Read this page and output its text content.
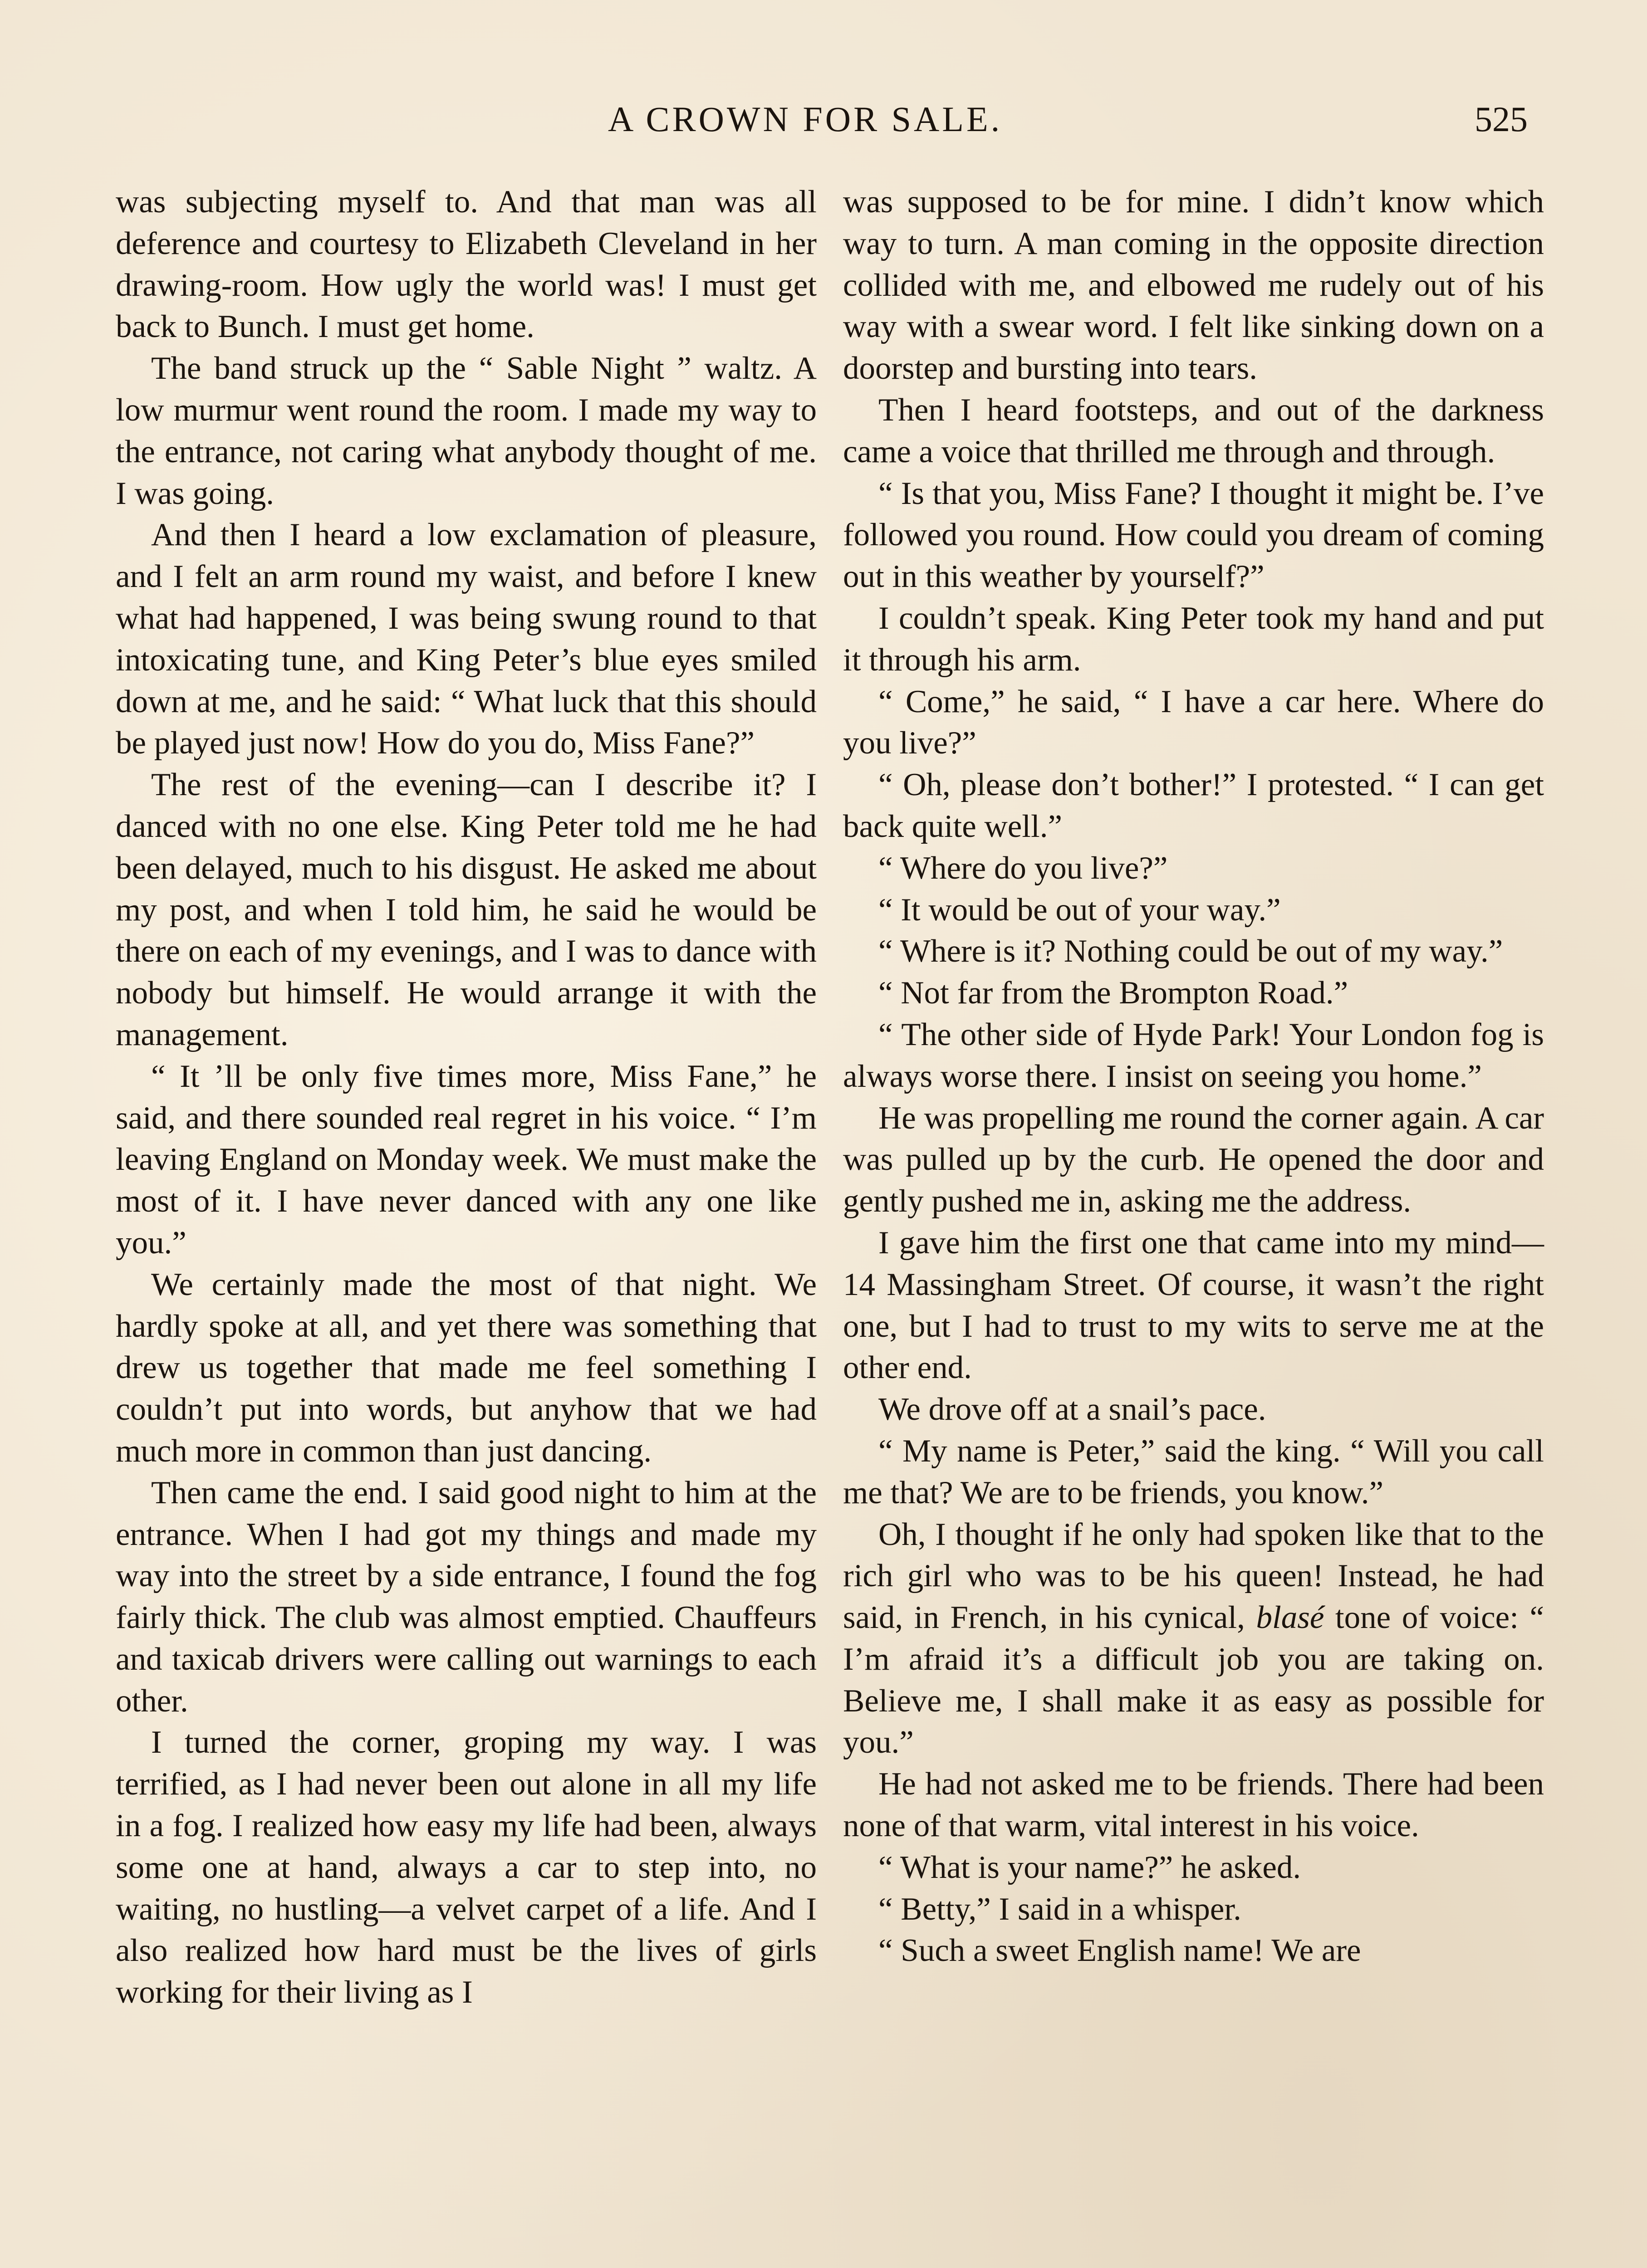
A CROWN FOR SALE.	525

was subjecting myself to. And that man was all deference and courtesy to Elizabeth Cleveland in her drawing-room. How ugly the world was! I must get back to Bunch. I must get home.

The band struck up the “ Sable Night ” waltz. A low murmur went round the room. I made my way to the entrance, not caring what anybody thought of me. I was going.

And then I heard a low exclamation of pleasure, and I felt an arm round my waist, and before I knew what had happened, I was being swung round to that intoxicating tune, and King Peter’s blue eyes smiled down at me, and he said: “ What luck that this should be played just now! How do you do, Miss Fane?”

The rest of the evening—can I describe it? I danced with no one else. King Peter told me he had been delayed, much to his disgust. He asked me about my post, and when I told him, he said he would be there on each of my evenings, and I was to dance with nobody but himself. He would arrange it with the management.

“ It ’ll be only five times more, Miss Fane,” he said, and there sounded real regret in his voice. “ I’m leaving England on Monday week. We must make the most of it. I have never danced with any one like you.”

We certainly made the most of that night. We hardly spoke at all, and yet there was something that drew us together that made me feel something I couldn’t put into words, but anyhow that we had much more in common than just dancing.

Then came the end. I said good night to him at the entrance. When I had got my things and made my way into the street by a side entrance, I found the fog fairly thick. The club was almost emptied. Chauffeurs and taxicab drivers were calling out warnings to each other.

I turned the corner, groping my way. I was terrified, as I had never been out alone in all my life in a fog. I realized how easy my life had been, always some one at hand, always a car to step into, no waiting, no hustling—a velvet carpet of a life. And I also realized how hard must be the lives of girls working for their living as I

was supposed to be for mine. I didn’t know which way to turn. A man coming in the opposite direction collided with me, and elbowed me rudely out of his way with a swear word. I felt like sinking down on a doorstep and bursting into tears.

Then I heard footsteps, and out of the darkness came a voice that thrilled me through and through.

“ Is that you, Miss Fane? I thought it might be. I’ve followed you round. How could you dream of coming out in this weather by yourself?”

I couldn’t speak. King Peter took my hand and put it through his arm.

“ Come,” he said, “ I have a car here. Where do you live?”

“ Oh, please don’t bother!” I protested. “ I can get back quite well.”

“ Where do you live?”

“ It would be out of your way.”

“ Where is it? Nothing could be out of my way.”

“ Not far from the Brompton Road.”

“ The other side of Hyde Park! Your London fog is always worse there. I insist on seeing you home.”

He was propelling me round the corner again. A car was pulled up by the curb. He opened the door and gently pushed me in, asking me the address.

I gave him the first one that came into my mind—14 Massingham Street. Of course, it wasn’t the right one, but I had to trust to my wits to serve me at the other end.

We drove off at a snail’s pace.

“ My name is Peter,” said the king. “ Will you call me that? We are to be friends, you know.”

Oh, I thought if he only had spoken like that to the rich girl who was to be his queen! Instead, he had said, in French, in his cynical, blasé tone of voice: “ I’m afraid it’s a difficult job you are taking on. Believe me, I shall make it as easy as possible for you.”

He had not asked me to be friends. There had been none of that warm, vital interest in his voice.

“ What is your name?” he asked.

“ Betty,” I said in a whisper.

“ Such a sweet English name! We are
